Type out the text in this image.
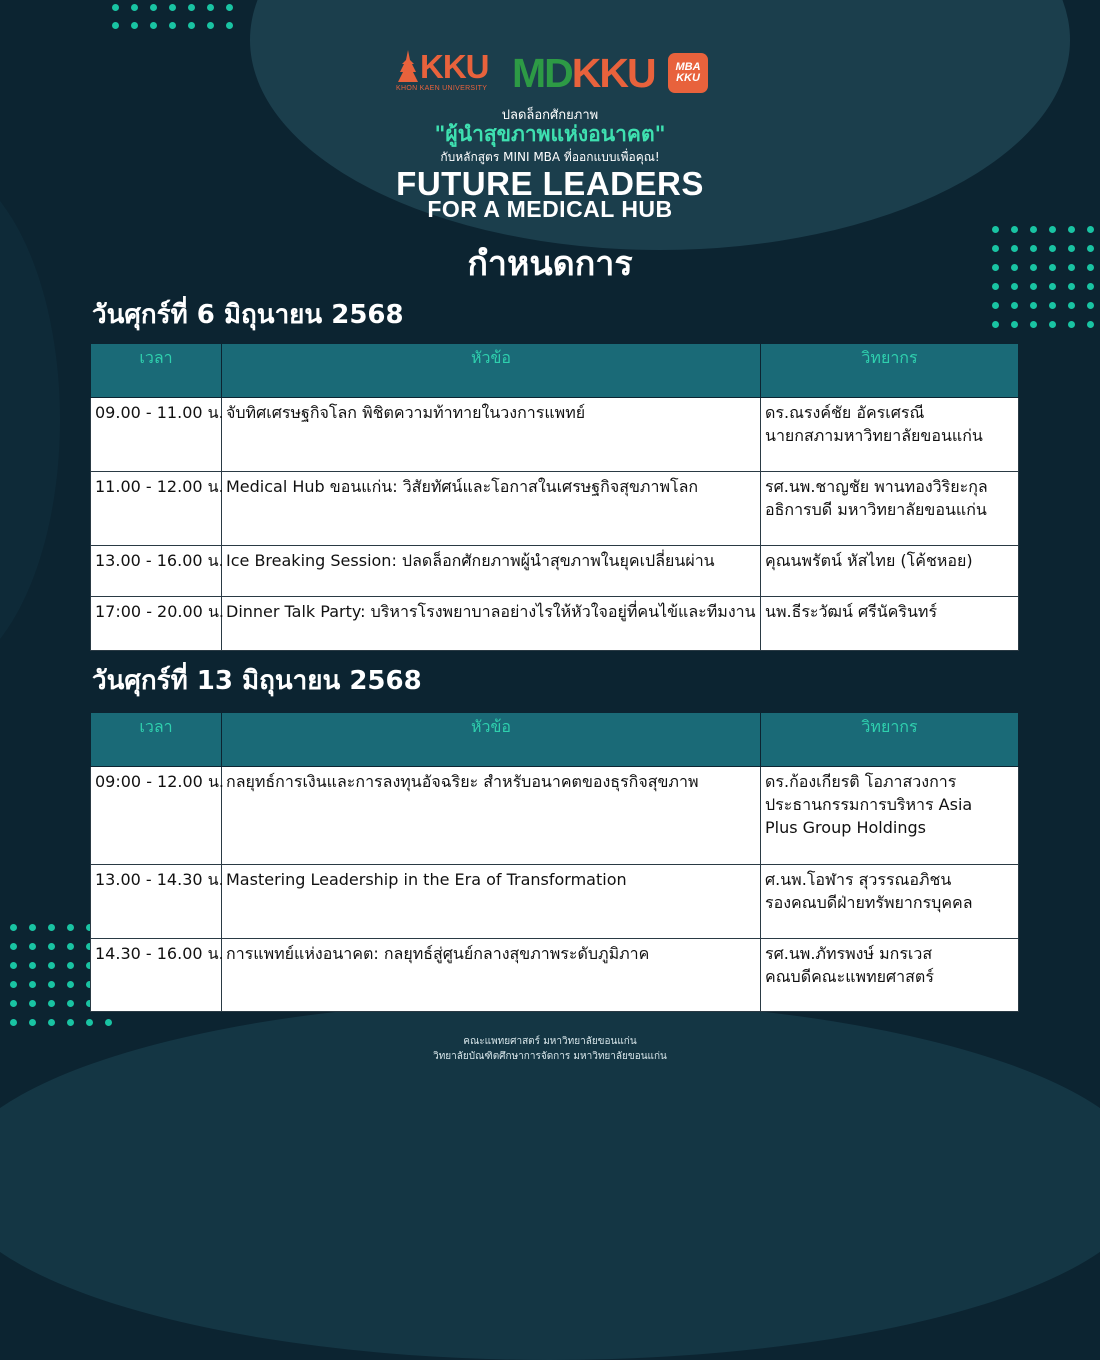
KKU
KHON KAEN UNIVERSITY MD KKU MBA
KKU
ปลดล็อกศักยภาพ
"ผู้นำสุขภาพแห่งอนาคต"
กับหลักสูตร MINI MBA ที่ออกแบบเพื่อคุณ!
FUTURE LEADERS
FOR A MEDICAL HUB
กำหนดการ
วันศุกร์ที่ 6 มิถุนายน 2568
เวลา	หัวข้อ	วิทยากร
09.00 - 11.00 น.	จับทิศเศรษฐกิจโลก พิชิตความท้าทายในวงการแพทย์	ดร.ณรงค์ชัย อัครเศรณี
นายกสภามหาวิทยาลัยขอนแก่น

11.00 - 12.00 น.	Medical Hub ขอนแก่น: วิสัยทัศน์และโอกาสในเศรษฐกิจสุขภาพโลก	รศ.นพ.ชาญชัย พานทองวิริยะกุล
อธิการบดี มหาวิทยาลัยขอนแก่น

13.00 - 16.00 น.	Ice Breaking Session: ปลดล็อกศักยภาพผู้นำสุขภาพในยุคเปลี่ยนผ่าน	คุณนพรัตน์ หัสไทย (โค้ชหอย)

17:00 - 20.00 น.	Dinner Talk Party: บริหารโรงพยาบาลอย่างไรให้หัวใจอยู่ที่คนไข้และทีมงาน	นพ.ธีระวัฒน์ ศรีนัครินทร์
วันศุกร์ที่ 13 มิถุนายน 2568
เวลา	หัวข้อ	วิทยากร
09:00 - 12.00 น.	กลยุทธ์การเงินและการลงทุนอัจฉริยะ สำหรับอนาคตของธุรกิจสุขภาพ	ดร.ก้องเกียรติ โอภาสวงการ
ประธานกรรมการบริหาร Asia
Plus Group Holdings

13.00 - 14.30 น.	Mastering Leadership in the Era of Transformation	ศ.นพ.โอฬาร สุวรรณอภิชน
รองคณบดีฝ่ายทรัพยากรบุคคล

14.30 - 16.00 น.	การแพทย์แห่งอนาคต: กลยุทธ์สู่ศูนย์กลางสุขภาพระดับภูมิภาค	รศ.นพ.ภัทรพงษ์ มกรเวส
คณบดีคณะแพทยศาสตร์
คณะแพทยศาสตร์ มหาวิทยาลัยขอนแก่น
วิทยาลัยบัณฑิตศึกษาการจัดการ มหาวิทยาลัยขอนแก่น
